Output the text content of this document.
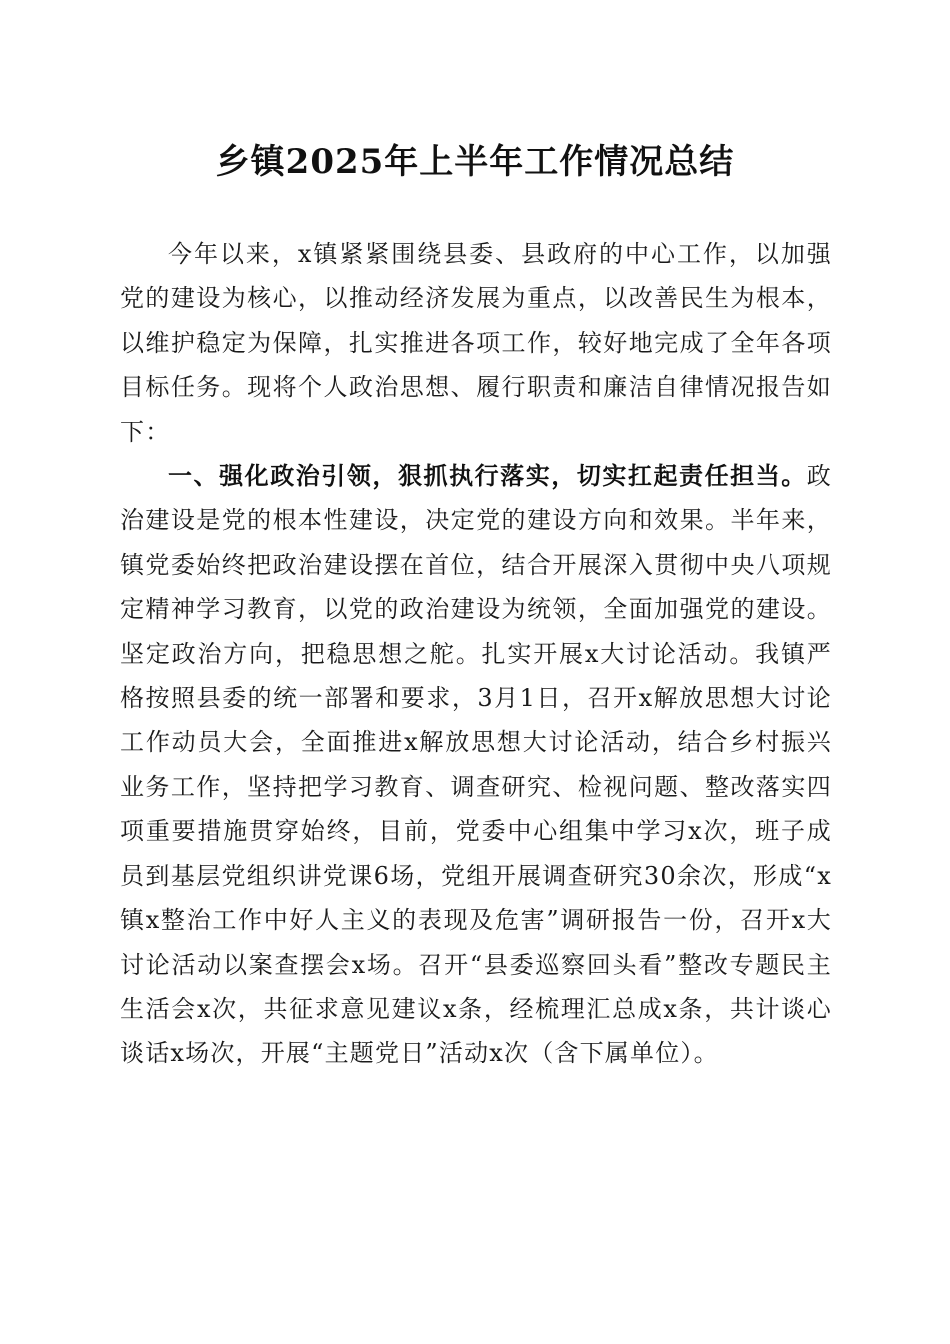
乡镇2025年上半年工作情况总结

今年以来，x镇紧紧围绕县委、县政府的中心工作，以加强党的建设为核心，以推动经济发展为重点，以改善民生为根本，以维护稳定为保障，扎实推进各项工作，较好地完成了全年各项目标任务。现将个人政治思想、履行职责和廉洁自律情况报告如下：

一、强化政治引领，狠抓执行落实，切实扛起责任担当。政治建设是党的根本性建设，决定党的建设方向和效果。半年来，镇党委始终把政治建设摆在首位，结合开展深入贯彻中央八项规定精神学习教育，以党的政治建设为统领，全面加强党的建设。坚定政治方向，把稳思想之舵。扎实开展x大讨论活动。我镇严格按照县委的统一部署和要求，3月1日，召开x解放思想大讨论工作动员大会，全面推进x解放思想大讨论活动，结合乡村振兴业务工作，坚持把学习教育、调查研究、检视问题、整改落实四项重要措施贯穿始终，目前，党委中心组集中学习x次，班子成员到基层党组织讲党课6场，党组开展调查研究30余次，形成“x镇x整治工作中好人主义的表现及危害”调研报告一份，召开x大讨论活动以案查摆会x场。召开“县委巡察回头看”整改专题民主生活会x次，共征求意见建议x条，经梳理汇总成x条，共计谈心谈话x场次，开展“主题党日”活动x次（含下属单位）。
